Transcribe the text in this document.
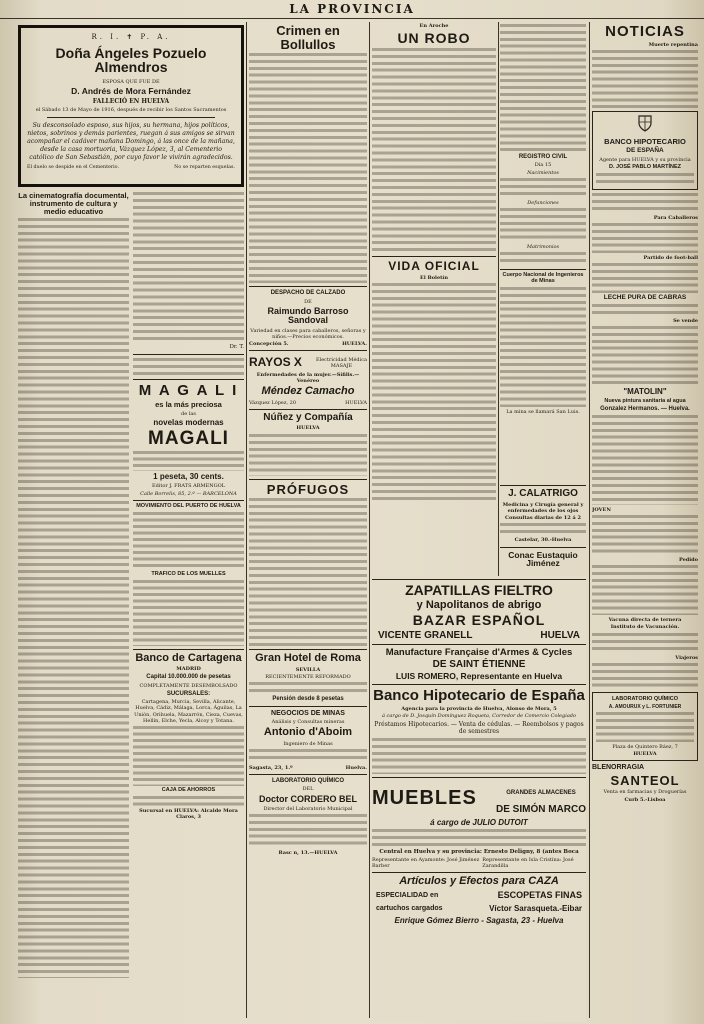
LA PROVINCIA
R. I. ✝ P. A.
Doña Ángeles Pozuelo Almendros
ESPOSA QUE FUE DE
D. Andrés de Mora Fernández
FALLECIÓ EN HUELVA
el Sábado 13 de Mayo de 1916, después de recibir los Santos Sacramentos
Su desconsolado esposo, sus hijos, su hermana, hijos políticos, nietos, sobrinos y demás parientes, ruegan á sus amigos se sirvan acompañar el cadáver mañana Domingo, á las once de la mañana, desde la casa mortuoria, Vázquez López, 3, al Cementerio católico de San Sebastián, por cuyo favor le vivirán agradecidos.
El duelo se despide en el Cementerio.	No se reparten esquelas.
La cinematografía documental, instrumento de cultura y medio educativo
Dr. T.
M A G A L I
es la más preciosa
de las
novelas modernas
MAGALI
1 peseta, 30 cents.
Editor J. FRATS ARMENGOL
Calle Borrelis, 85, 2.º — BARCELONA
MOVIMIENTO DEL PUERTO DE HUELVA
TRAFICO DE LOS MUELLES
Banco de Cartagena
MADRID
Capital 10.000.000 de pesetas
COMPLETAMENTE DESEMBOLSADO
SUCURSALES:
Cartagena, Murcia, Sevilla, Alicante, Huelva, Cádiz, Málaga, Lorca, Águilas, La Unión, Orihuela, Mazarrón, Cieza, Cuevas, Hellín, Elche, Yecla, Alcoy y Totana.
CAJA DE AHORROS
Sucursal en HUELVA: Alcalde Mora Claros, 3
Crimen en Bollullos
DESPACHO DE CALZADO
DE
Raimundo Barroso Sandoval
Variedad en clases para caballeros, señoras y niños.—Precios económicos.
Concepción 5.	HUELVA.
RAYOS X	Electricidad Médica
MASAJE
Enfermedades de la mujer.—Sífilis.—Venéreo
Méndez Camacho
Vázquez López, 20	HUELVA
Núñez y Compañía
HUELVA
PRÓFUGOS
Gran Hotel de Roma
SEVILLA
RECIENTEMENTE REFORMADO
Pensión desde 8 pesetas
NEGOCIOS DE MINAS
Análisis y Consultas mineras
Antonio d'Aboim
Ingeniero de Minas
Sagasta, 23, 1.º	Huelva.
LABORATORIO QUÍMICO
DEL
Doctor CORDERO BEL
Director del Laboratorio Municipal
Rasc n, 13.—HUELVA
En Aroche
UN ROBO
VIDA OFICIAL
El Boletín
REGISTRO CIVIL
Día 15
Nacimientos
Defunciones
Matrimonios
Cuerpo Nacional de Ingenieros de Minas
La mina se llamará San Luis.
J. CALATRIGO
Medicina y Cirugía general y enfermedades de los ojos
Consultas diarias de 12 á 2
Castelar, 30.-Huelva
Conac Eustaquio Jiménez
ZAPATILLAS FIELTRO
y Napolitanos de abrigo
BAZAR ESPAÑOL
VICENTE GRANELL	HUELVA
Manufacture Française d'Armes & Cycles
DE SAINT ÉTIENNE
LUIS ROMERO, Representante en Huelva
Banco Hipotecario de España
Agencia para la provincia de Huelva, Alonso de Mora, 5
á cargo de D. Josquín Domínguez Roqueta, Corredor de Comercio Colegiado
Préstamos Hipotecarios. — Venta de cédulas. — Reembolsos y pagos de semestres
MUEBLES	GRANDES ALMACENES
DE SIMÓN MARCO
á cargo de JULIO DUTOIT
Central en Huelva y su provincia: Ernesto Deligny, 8 (antes Boca
Representante en Ayamonte: José Jiménez Barber
Representante en Isla Cristina: José Zarandilla
Artículos y Efectos para CAZA
ESPECIALIDAD en	ESCOPETAS FINAS
cartuchos cargados	Víctor Sarasqueta.-Eibar
Enrique Gómez Bierro - Sagasta, 23 - Huelva
NOTICIAS
Muerte repentina
BANCO HIPOTECARIO
DE ESPAÑA
Agente para HUELVA y su provincia
D. JOSÉ PABLO MARTÍNEZ
Para Caballeros
Partido de foot-ball
LECHE PURA DE CABRAS
Se vende
"MATOLIN"
Nueva pintura sanitaria al agua
Gonzalez Hermanos. — Huelva.
JOVEN
Pedido
Vacuna directa de ternera
Instituto de Vacunación.
Viajeros
LABORATORIO QUÍMICO
A. AMOURUX y L. FORTUNIER
Plaza de Quintero Báez, 7
HUELVA
BLENORRAGIA
SANTEOL
Venta en farmacias y Droguerías
Curb 5.-Lisboa
